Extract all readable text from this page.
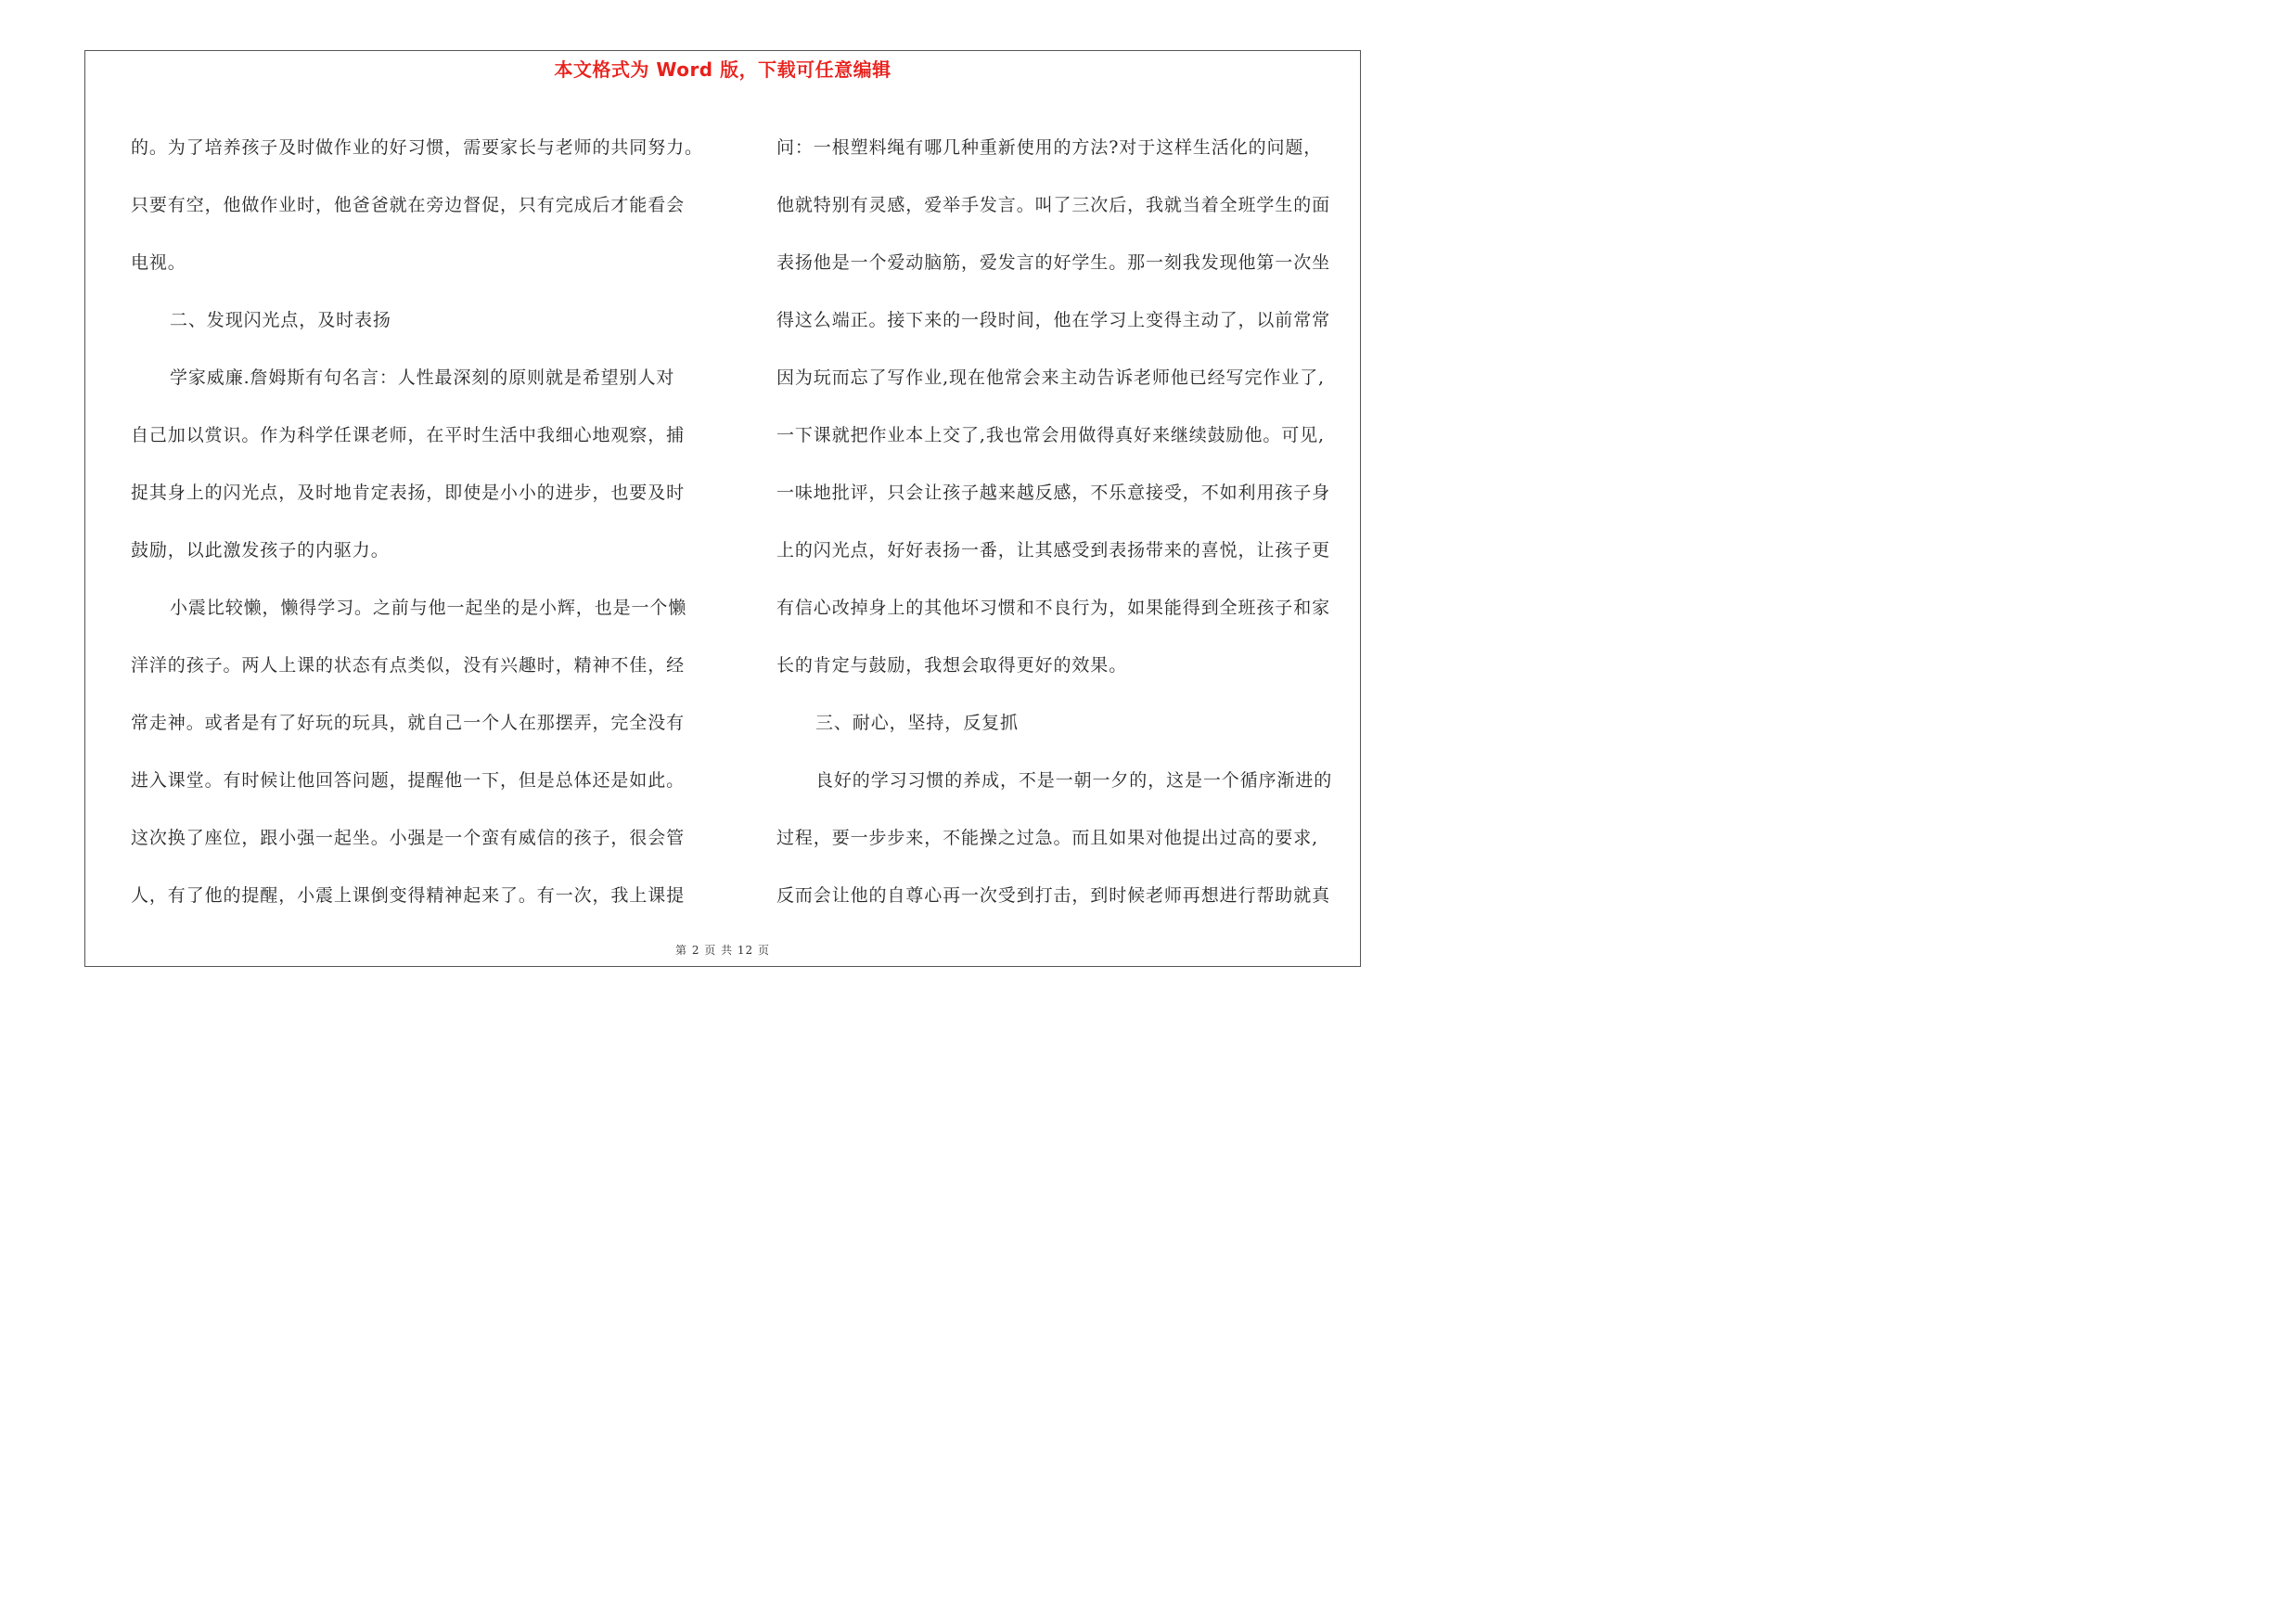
本文格式为 Word 版，下载可任意编辑
的。为了培养孩子及时做作业的好习惯，需要家长与老师的共同努力。
只要有空，他做作业时，他爸爸就在旁边督促，只有完成后才能看会
电视。
二、发现闪光点，及时表扬
学家威廉.詹姆斯有句名言：人性最深刻的原则就是希望别人对
自己加以赏识。作为科学任课老师，在平时生活中我细心地观察，捕
捉其身上的闪光点，及时地肯定表扬，即使是小小的进步，也要及时
鼓励，以此激发孩子的内驱力。
小震比较懒，懒得学习。之前与他一起坐的是小辉，也是一个懒
洋洋的孩子。两人上课的状态有点类似，没有兴趣时，精神不佳，经
常走神。或者是有了好玩的玩具，就自己一个人在那摆弄，完全没有
进入课堂。有时候让他回答问题，提醒他一下，但是总体还是如此。
这次换了座位，跟小强一起坐。小强是一个蛮有威信的孩子，很会管
人，有了他的提醒，小震上课倒变得精神起来了。有一次，我上课提
问：一根塑料绳有哪几种重新使用的方法?对于这样生活化的问题，
他就特别有灵感，爱举手发言。叫了三次后，我就当着全班学生的面
表扬他是一个爱动脑筋，爱发言的好学生。那一刻我发现他第一次坐
得这么端正。接下来的一段时间，他在学习上变得主动了，以前常常
因为玩而忘了写作业,现在他常会来主动告诉老师他已经写完作业了,
一下课就把作业本上交了,我也常会用做得真好来继续鼓励他。可见,
一味地批评，只会让孩子越来越反感，不乐意接受，不如利用孩子身
上的闪光点，好好表扬一番，让其感受到表扬带来的喜悦，让孩子更
有信心改掉身上的其他坏习惯和不良行为，如果能得到全班孩子和家
长的肯定与鼓励，我想会取得更好的效果。
三、耐心，坚持，反复抓
良好的学习习惯的养成，不是一朝一夕的，这是一个循序渐进的
过程，要一步步来，不能操之过急。而且如果对他提出过高的要求,
反而会让他的自尊心再一次受到打击，到时候老师再想进行帮助就真
第 2 页 共 12 页
